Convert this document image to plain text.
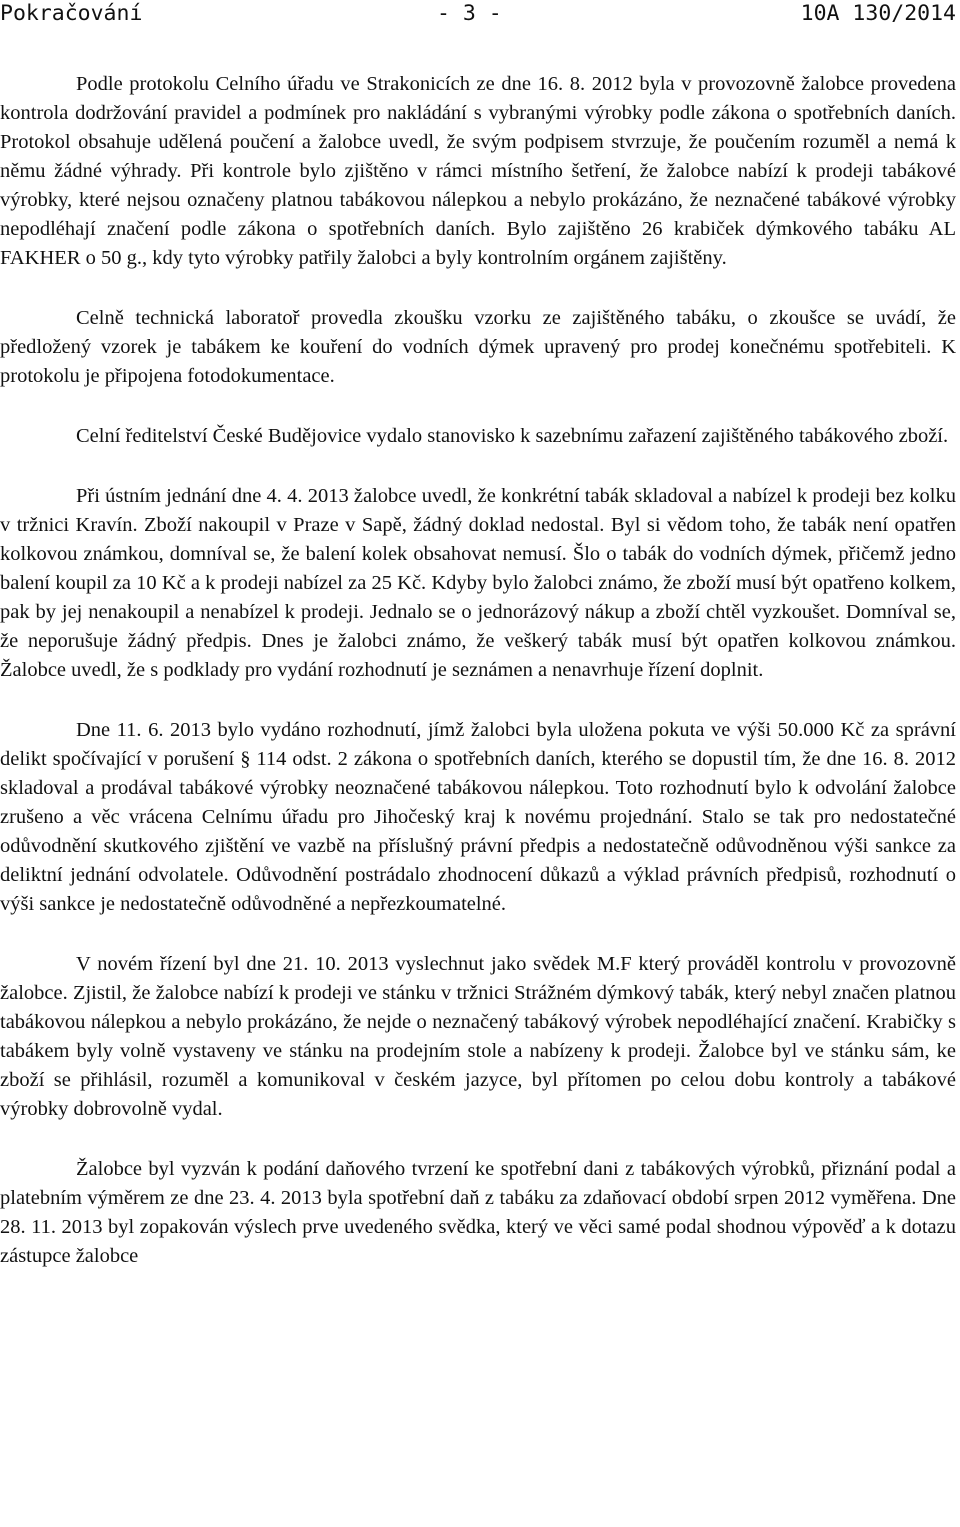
Pokračování

	- 3 -

	10A 130/2014

Podle protokolu Celního úřadu ve Strakonicích ze dne 16. 8. 2012 byla v provozovně žalobce provedena kontrola dodržování pravidel a podmínek pro nakládání s vybranými výrobky podle zákona o spotřebních daních. Protokol obsahuje udělená poučení a žalobce uvedl, že svým podpisem stvrzuje, že poučením rozuměl a nemá k němu žádné výhrady. Při kontrole bylo zjištěno v rámci místního šetření, že žalobce nabízí k prodeji tabákové výrobky, které nejsou označeny platnou tabákovou nálepkou a nebylo prokázáno, že neznačené tabákové výrobky nepodléhají značení podle zákona o spotřebních daních. Bylo zajištěno 26 krabiček dýmkového tabáku AL FAKHER o 50 g., kdy tyto výrobky patřily žalobci a byly kontrolním orgánem zajištěny.

Celně technická laboratoř provedla zkoušku vzorku ze zajištěného tabáku, o zkoušce se uvádí, že předložený vzorek je tabákem ke kouření do vodních dýmek upravený pro prodej konečnému spotřebiteli. K protokolu je připojena fotodokumentace.

Celní ředitelství České Budějovice vydalo stanovisko k sazebnímu zařazení zajištěného tabákového zboží.

Při ústním jednání dne 4. 4. 2013 žalobce uvedl, že konkrétní tabák skladoval a nabízel k prodeji bez kolku v tržnici Kravín. Zboží nakoupil v Praze v Sapě, žádný doklad nedostal. Byl si vědom toho, že tabák není opatřen kolkovou známkou, domníval se, že balení kolek obsahovat nemusí. Šlo o tabák do vodních dýmek, přičemž jedno balení koupil za 10 Kč a k prodeji nabízel za 25 Kč. Kdyby bylo žalobci známo, že zboží musí být opatřeno kolkem, pak by jej nenakoupil a nenabízel k prodeji. Jednalo se o jednorázový nákup a zboží chtěl vyzkoušet. Domníval se, že neporušuje žádný předpis. Dnes je žalobci známo, že veškerý tabák musí být opatřen kolkovou známkou. Žalobce uvedl, že s podklady pro vydání rozhodnutí je seznámen a nenavrhuje řízení doplnit.

Dne 11. 6. 2013 bylo vydáno rozhodnutí, jímž žalobci byla uložena pokuta ve výši 50.000 Kč za správní delikt spočívající v porušení § 114 odst. 2 zákona o spotřebních daních, kterého se dopustil tím, že dne 16. 8. 2012 skladoval a prodával tabákové výrobky neoznačené tabákovou nálepkou. Toto rozhodnutí bylo k odvolání žalobce zrušeno a věc vrácena Celnímu úřadu pro Jihočeský kraj k novému projednání. Stalo se tak pro nedostatečné odůvodnění skutkového zjištění ve vazbě na příslušný právní předpis a nedostatečně odůvodněnou výši sankce za deliktní jednání odvolatele. Odůvodnění postrádalo zhodnocení důkazů a výklad právních předpisů, rozhodnutí o výši sankce je nedostatečně odůvodněné a nepřezkoumatelné.

V novém řízení byl dne 21. 10. 2013 vyslechnut jako svědek M.F který prováděl kontrolu v provozovně žalobce. Zjistil, že žalobce nabízí k prodeji ve stánku v tržnici Strážném dýmkový tabák, který nebyl značen platnou tabákovou nálepkou a nebylo prokázáno, že nejde o neznačený tabákový výrobek nepodléhající značení. Krabičky s tabákem byly volně vystaveny ve stánku na prodejním stole a nabízeny k prodeji. Žalobce byl ve stánku sám, ke zboží se přihlásil, rozuměl a komunikoval v českém jazyce, byl přítomen po celou dobu kontroly a tabákové výrobky dobrovolně vydal.

Žalobce byl vyzván k podání daňového tvrzení ke spotřební dani z tabákových výrobků, přiznání podal a platebním výměrem ze dne 23. 4. 2013 byla spotřební daň z tabáku za zdaňovací období srpen 2012 vyměřena. Dne 28. 11. 2013 byl zopakován výslech prve uvedeného svědka, který ve věci samé podal shodnou výpověď a k dotazu zástupce žalobce
